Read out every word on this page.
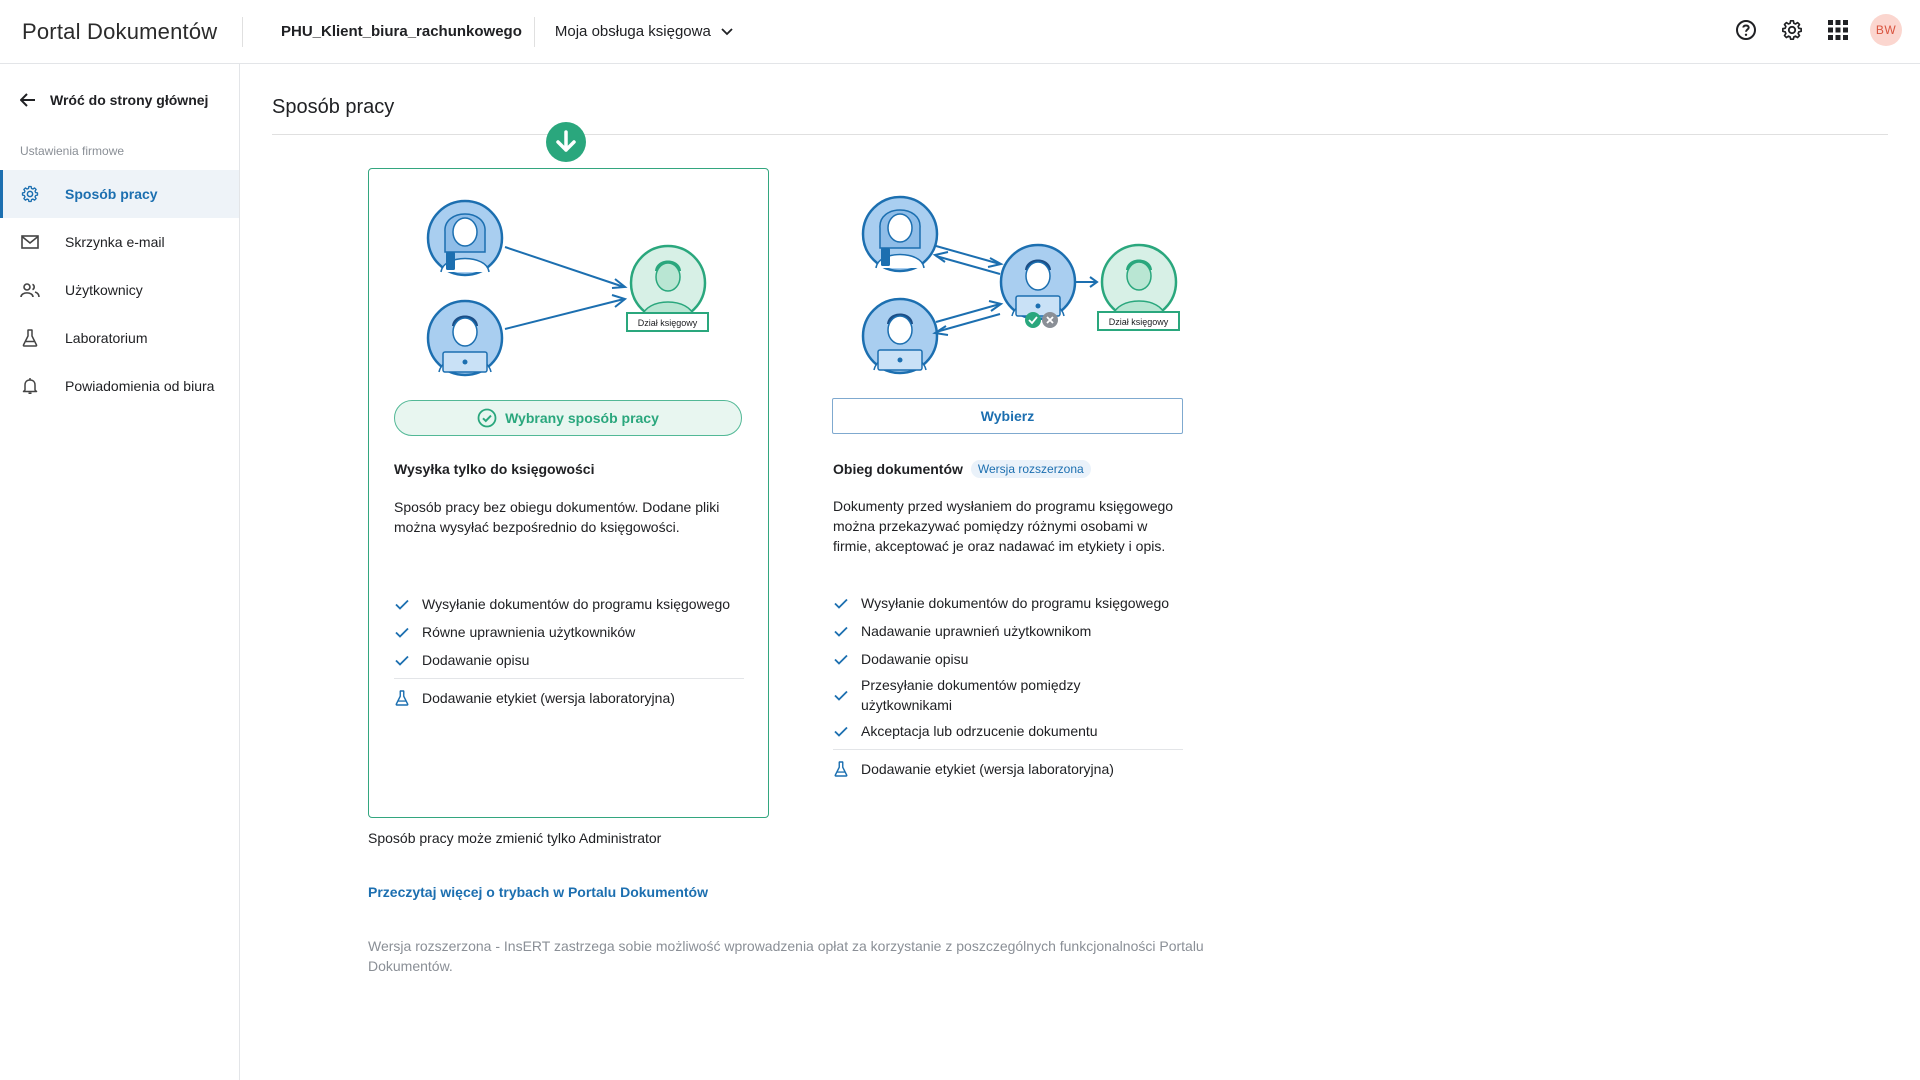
Portal Dokumentów	PHU_Klient_biura_rachunkowego Moja obsługa księgowa	BW
Wróć do strony głównej
Ustawienia firmowe
Sposób pracy
Skrzynka e-mail
Użytkownicy
Laboratorium
Powiadomienia od biura
Sposób pracy
Dział księgowy
Wybrany sposób pracy
Wysyłka tylko do księgowości
Sposób pracy bez obiegu dokumentów. Dodane pliki można wysyłać bezpośrednio do księgowości.
Wysyłanie dokumentów do programu księgowego
Równe uprawnienia użytkowników
Dodawanie opisu
Dodawanie etykiet (wersja laboratoryjna)
Dział księgowy
Wybierz
Obieg dokumentów	Wersja rozszerzona
Dokumenty przed wysłaniem do programu księgowego można przekazywać pomiędzy różnymi osobami w firmie, akceptować je oraz nadawać im etykiety i opis.
Wysyłanie dokumentów do programu księgowego
Nadawanie uprawnień użytkownikom
Dodawanie opisu
Przesyłanie dokumentów pomiędzy użytkownikami
Akceptacja lub odrzucenie dokumentu
Dodawanie etykiet (wersja laboratoryjna)
Sposób pracy może zmienić tylko Administrator
Przeczytaj więcej o trybach w Portalu Dokumentów
Wersja rozszerzona - InsERT zastrzega sobie możliwość wprowadzenia opłat za korzystanie z poszczególnych funkcjonalności Portalu Dokumentów.
